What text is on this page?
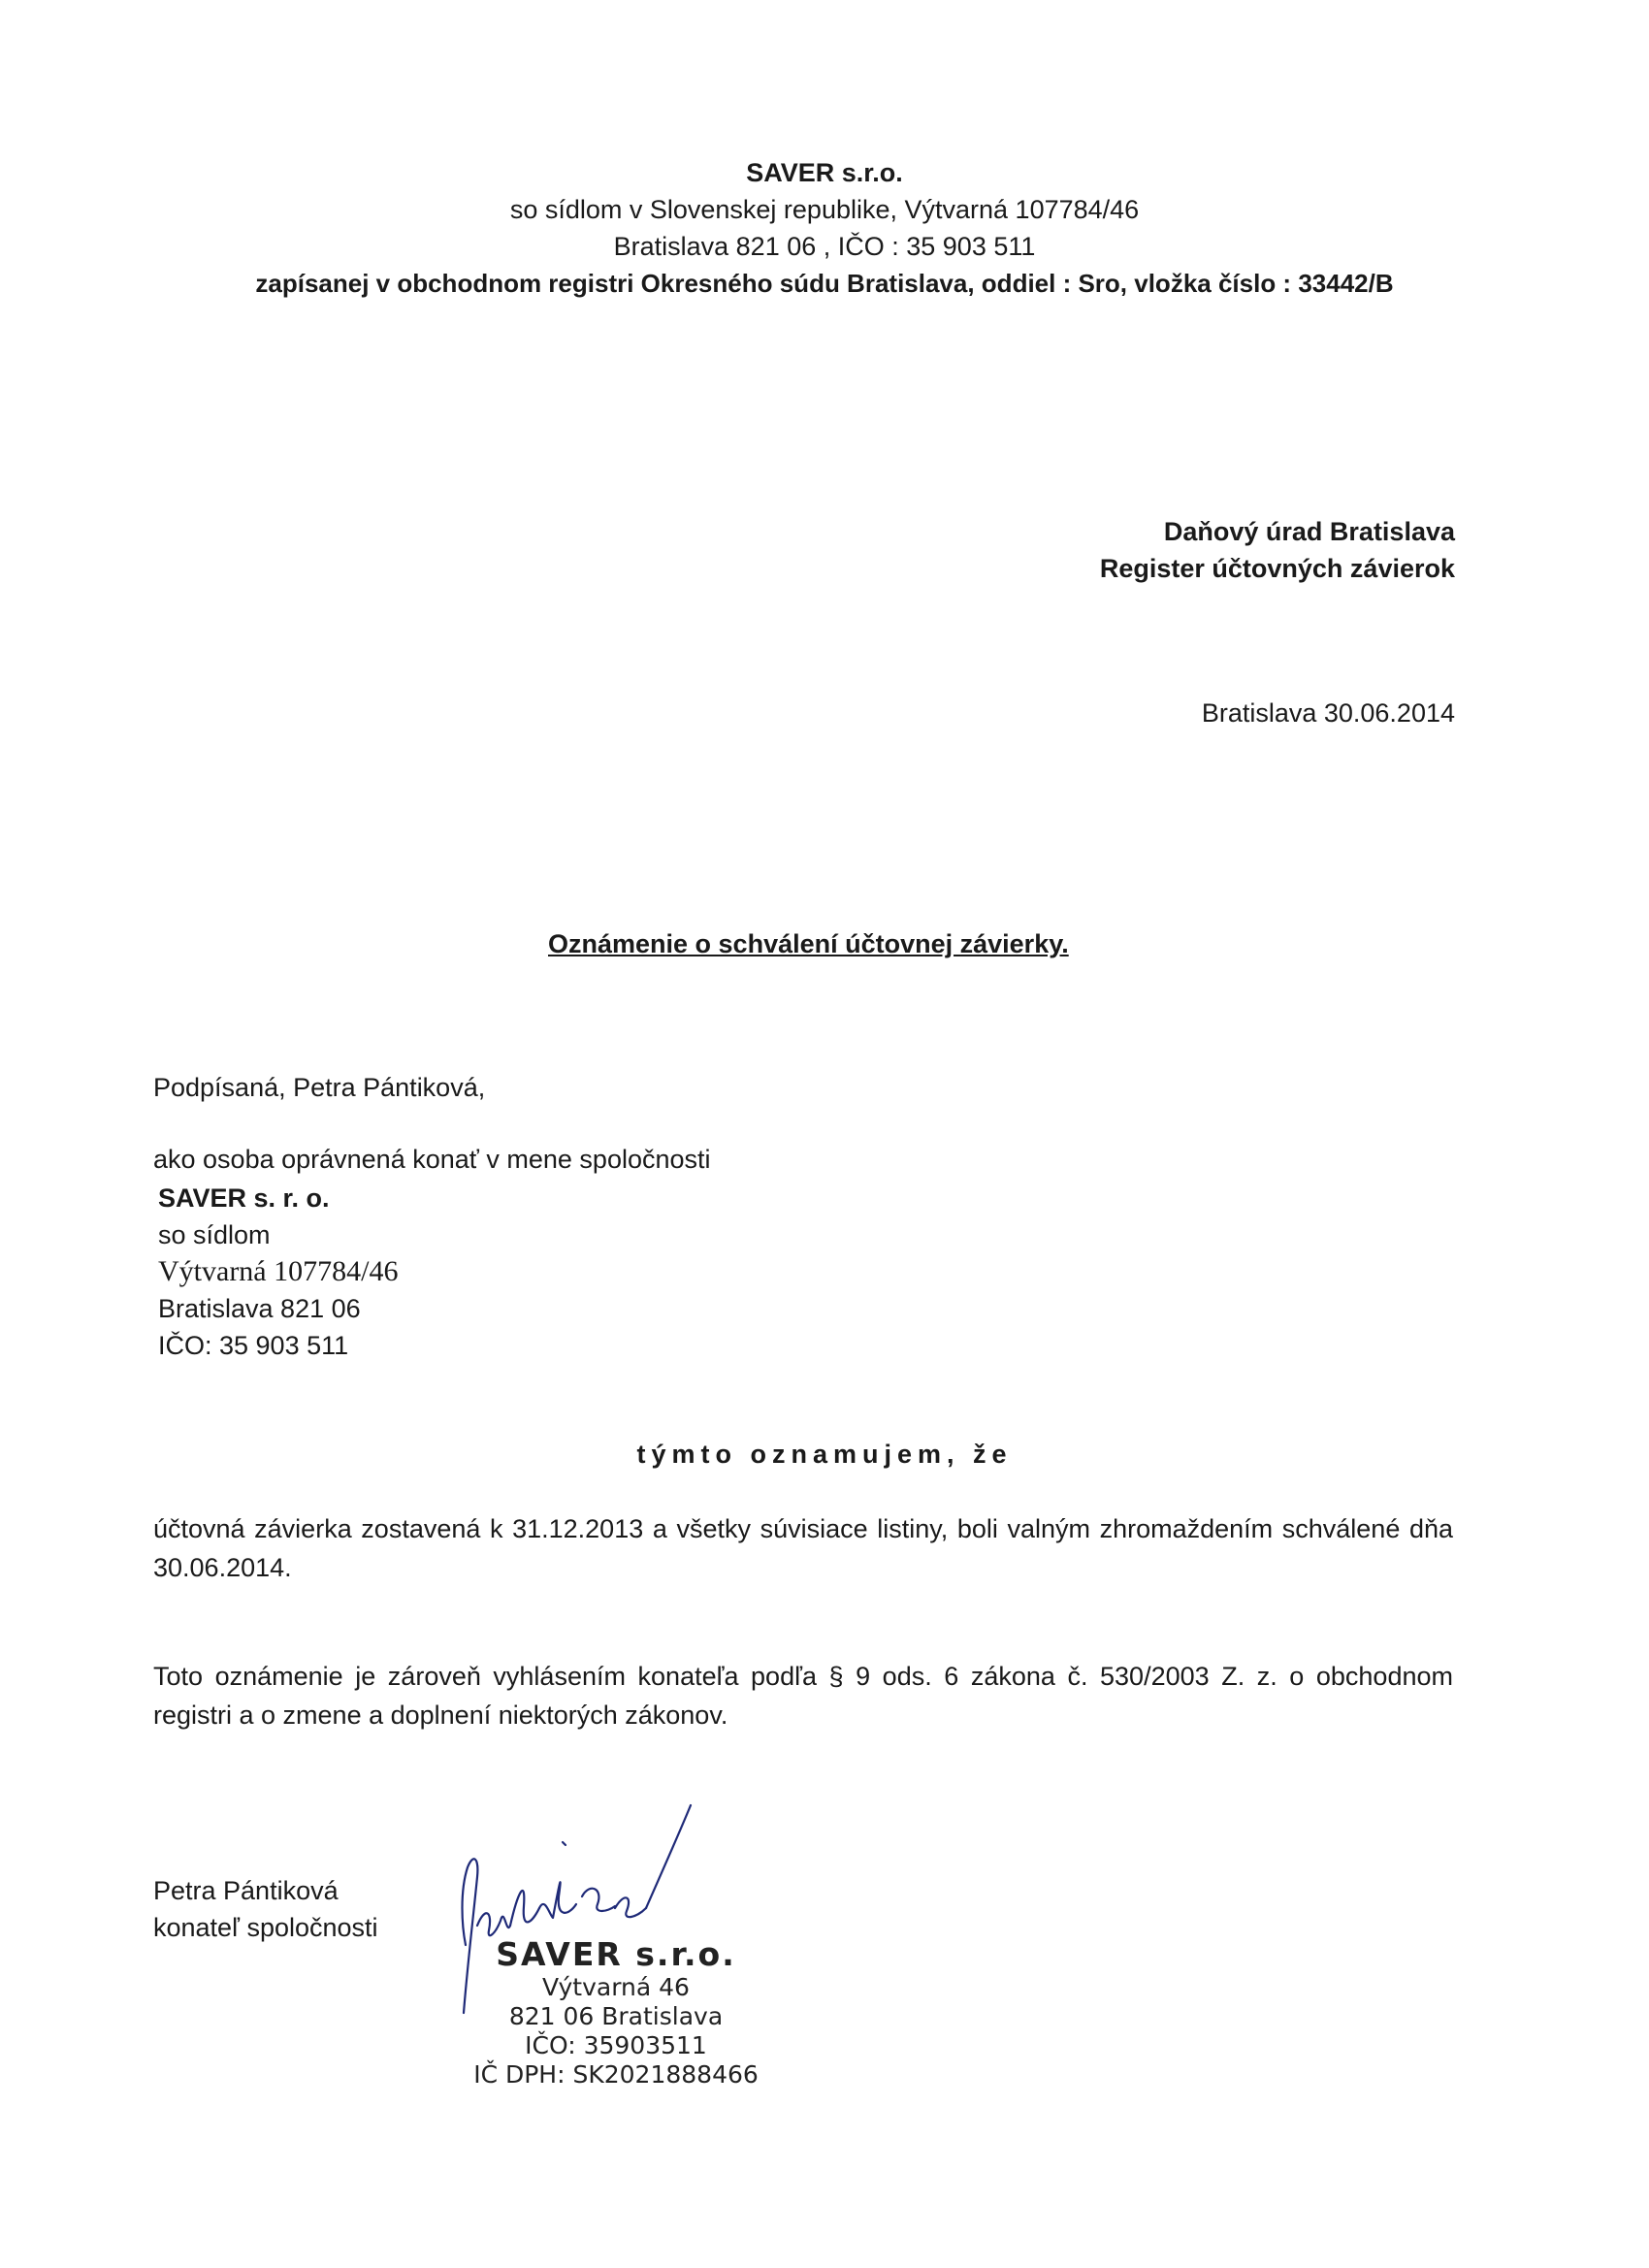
SAVER s.r.o.
so sídlom v Slovenskej republike, Výtvarná 107784/46
Bratislava 821 06 , IČO : 35 903 511
zapísanej v obchodnom registri Okresného súdu Bratislava, oddiel : Sro, vložka číslo : 33442/B
Daňový úrad Bratislava
Register účtovných závierok
Bratislava 30.06.2014
Oznámenie o schválení účtovnej závierky.
Podpísaná, Petra Pántiková,
ako osoba oprávnená konať v mene spoločnosti
SAVER s. r. o.
so sídlom
Výtvarná 107784/46
Bratislava 821 06
IČO: 35 903 511
týmto oznamujem, že
účtovná závierka zostavená k 31.12.2013 a všetky súvisiace listiny, boli valným zhromaždením schválené dňa 30.06.2014.
Toto oznámenie je zároveň vyhlásením konateľa podľa § 9 ods. 6 zákona č. 530/2003 Z. z. o obchodnom registri a o zmene a doplnení niektorých zákonov.
Petra Pántiková
konateľ spoločnosti
SAVER s.r.o.
Výtvarná 46
821 06 Bratislava
IČO: 35903511
IČ DPH: SK2021888466
